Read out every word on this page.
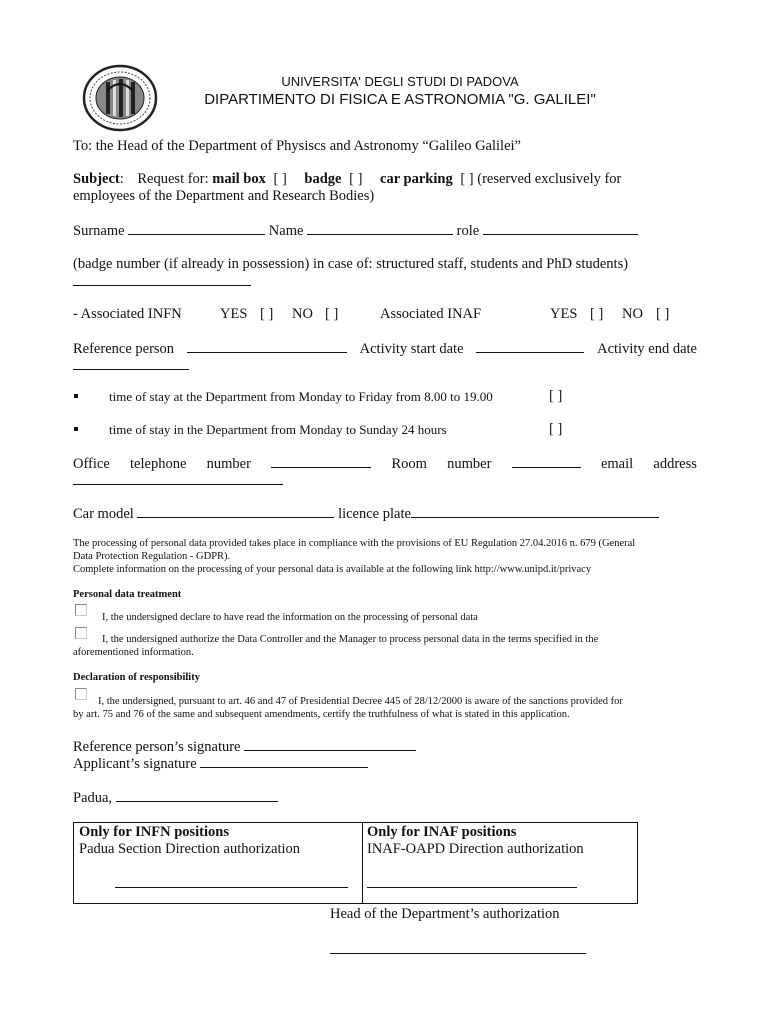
UNIVERSITA' DEGLI STUDI DI PADOVA
DIPARTIMENTO DI FISICA E ASTRONOMIA "G. GALILEI"
To: the Head of the Department of Physiscs and Astronomy “Galileo Galilei”
Subject: Request for: mail box [ ] badge [ ] car parking [ ] (reserved exclusively for
employees of the Department and Research Bodies)
Surname	Name	role
(badge number (if already in possession) in case of: structured staff, students and PhD students)
- Associated INFN	YES [ ] NO [ ]	Associated INAF	YES [ ] NO [ ]
Reference person	Activity start date	Activity end date
time of stay at the Department from Monday to Friday from 8.00 to 19.00	[ ]
time of stay in the Department from Monday to Sunday 24 hours	[ ]
Office telephone number	Room number	email address
Car model	licence plate
The processing of personal data provided takes place in compliance with the provisions of EU Regulation 27.04.2016 n. 679 (General
Data Protection Regulation - GDPR).
Complete information on the processing of your personal data is available at the following link http://www.unipd.it/privacy
Personal data treatment
I, the undersigned declare to have read the information on the processing of personal data
I, the undersigned authorize the Data Controller and the Manager to process personal data in the terms specified in the
aforementioned information.
Declaration of responsibility
I, the undersigned, pursuant to art. 46 and 47 of Presidential Decree 445 of 28/12/2000 is aware of the sanctions provided for
by art. 75 and 76 of the same and subsequent amendments, certify the truthfulness of what is stated in this application.
Reference person’s signature
Applicant’s signature
Padua,
Only for INFN positions
Padua Section Direction authorization
Only for INAF positions
INAF-OAPD Direction authorization
Head of the Department’s authorization
